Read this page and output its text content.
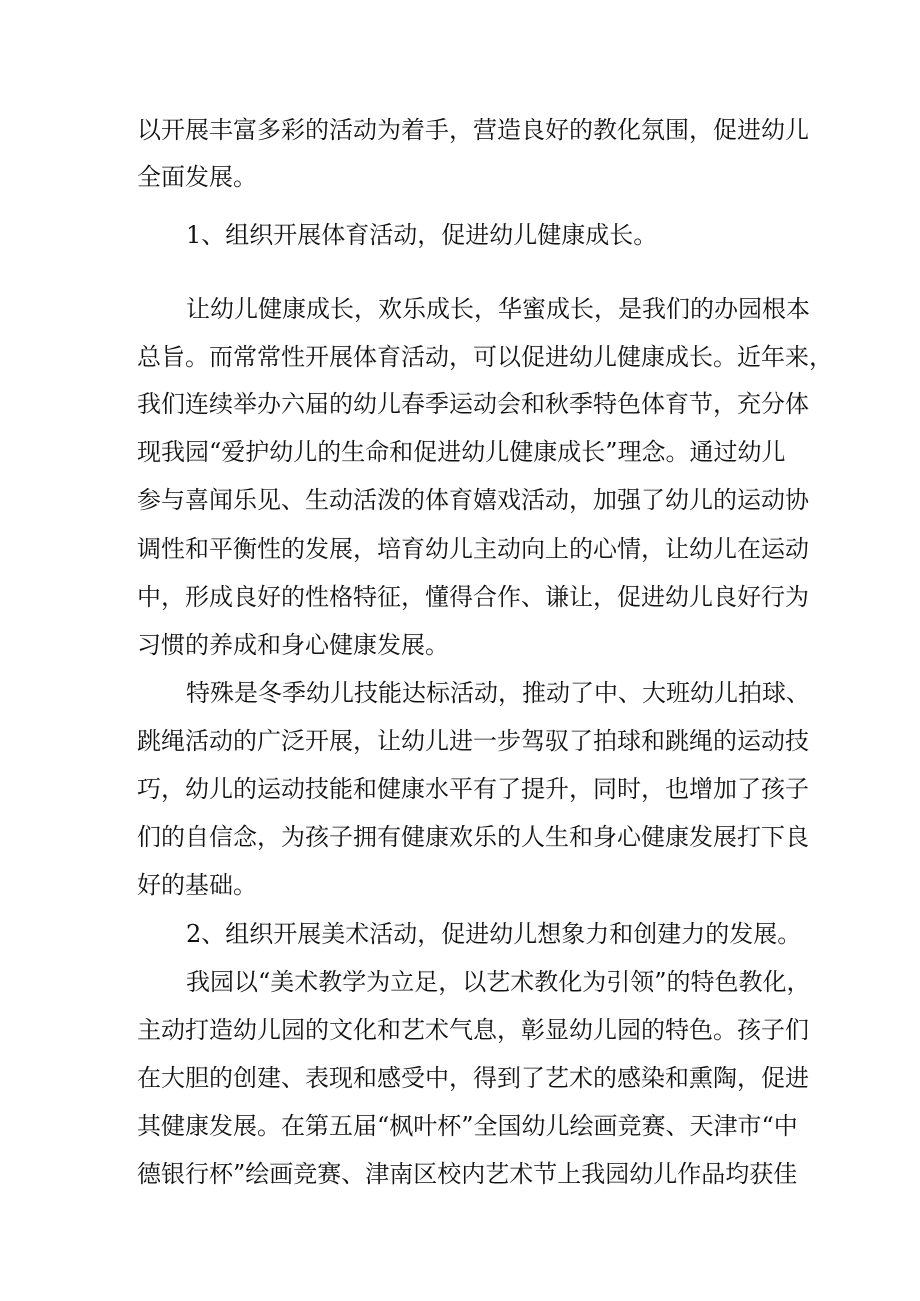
以开展丰富多彩的活动为着手，营造良好的教化氛围，促进幼儿
全面发展。
1、组织开展体育活动，促进幼儿健康成长。
让幼儿健康成长，欢乐成长，华蜜成长，是我们的办园根本
总旨。而常常性开展体育活动，可以促进幼儿健康成长。近年来，
我们连续举办六届的幼儿春季运动会和秋季特色体育节，充分体
现我园“爱护幼儿的生命和促进幼儿健康成长”理念。通过幼儿
参与喜闻乐见、生动活泼的体育嬉戏活动，加强了幼儿的运动协
调性和平衡性的发展，培育幼儿主动向上的心情，让幼儿在运动
中，形成良好的性格特征，懂得合作、谦让，促进幼儿良好行为
习惯的养成和身心健康发展。
特殊是冬季幼儿技能达标活动，推动了中、大班幼儿拍球、
跳绳活动的广泛开展，让幼儿进一步驾驭了拍球和跳绳的运动技
巧，幼儿的运动技能和健康水平有了提升，同时，也增加了孩子
们的自信念，为孩子拥有健康欢乐的人生和身心健康发展打下良
好的基础。
2、组织开展美术活动，促进幼儿想象力和创建力的发展。
我园以“美术教学为立足，以艺术教化为引领”的特色教化，
主动打造幼儿园的文化和艺术气息，彰显幼儿园的特色。孩子们
在大胆的创建、表现和感受中，得到了艺术的感染和熏陶，促进
其健康发展。在第五届“枫叶杯”全国幼儿绘画竞赛、天津市“中
德银行杯”绘画竞赛、津南区校内艺术节上我园幼儿作品均获佳
